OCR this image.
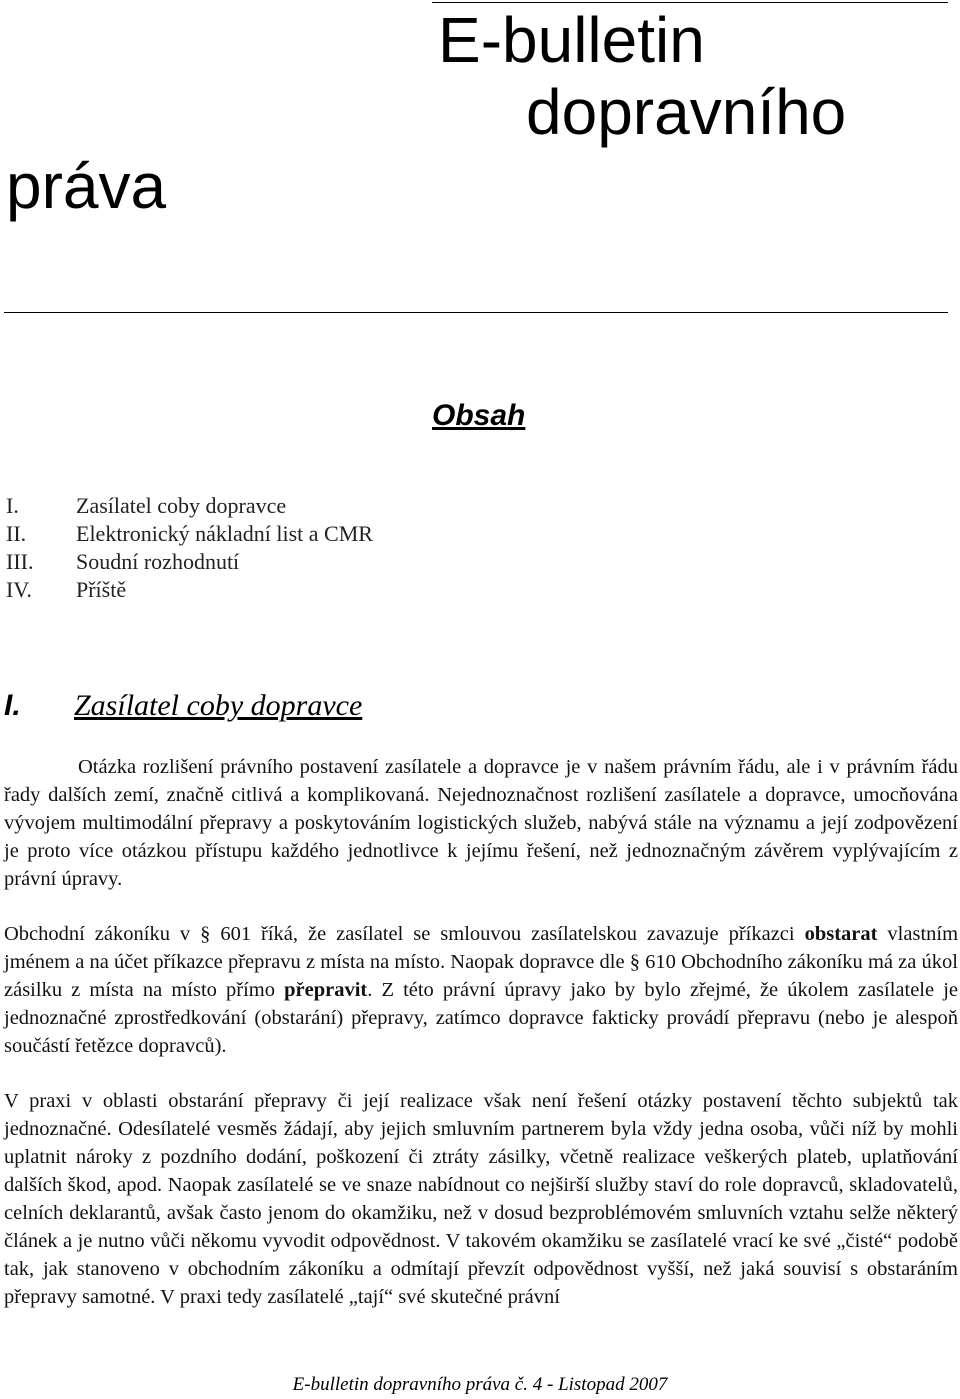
E-bulletin
dopravního
práva
Obsah
I.	Zasílatel coby dopravce
II.	Elektronický nákladní list a CMR
III.	Soudní rozhodnutí
IV.	Příště
I. Zasílatel coby dopravce

Otázka rozlišení právního postavení zasílatele a dopravce je v našem právním řádu, ale i v právním řádu řady dalších zemí, značně citlivá a komplikovaná. Nejednoznačnost rozlišení zasílatele a dopravce, umocňována vývojem multimodální přepravy a poskytováním logistických služeb, nabývá stále na významu a její zodpovězení je proto více otázkou přístupu každého jednotlivce k jejímu řešení, než jednoznačným závěrem vyplývajícím z právní úpravy.

Obchodní zákoníku v § 601 říká, že zasílatel se smlouvou zasílatelskou zavazuje příkazci obstarat vlastním jménem a na účet příkazce přepravu z místa na místo. Naopak dopravce dle § 610 Obchodního zákoníku má za úkol zásilku z místa na místo přímo přepravit. Z této právní úpravy jako by bylo zřejmé, že úkolem zasílatele je jednoznačné zprostředkování (obstarání) přepravy, zatímco dopravce fakticky provádí přepravu (nebo je alespoň součástí řetězce dopravců).

V praxi v oblasti obstarání přepravy či její realizace však není řešení otázky postavení těchto subjektů tak jednoznačné. Odesílatelé vesměs žádají, aby jejich smluvním partnerem byla vždy jedna osoba, vůči níž by mohli uplatnit nároky z pozdního dodání, poškození či ztráty zásilky, včetně realizace veškerých plateb, uplatňování dalších škod, apod. Naopak zasílatelé se ve snaze nabídnout co nejširší služby staví do role dopravců, skladovatelů, celních deklarantů, avšak často jenom do okamžiku, než v dosud bezproblémovém smluvních vztahu selže některý článek a je nutno vůči někomu vyvodit odpovědnost. V takovém okamžiku se zasílatelé vrací ke své „čisté“ podobě tak, jak stanoveno v obchodním zákoníku a odmítají převzít odpovědnost vyšší, než jaká souvisí s obstaráním přepravy samotné. V praxi tedy zasílatelé „tají“ své skutečné právní

E-bulletin dopravního práva č. 4 - Listopad 2007
